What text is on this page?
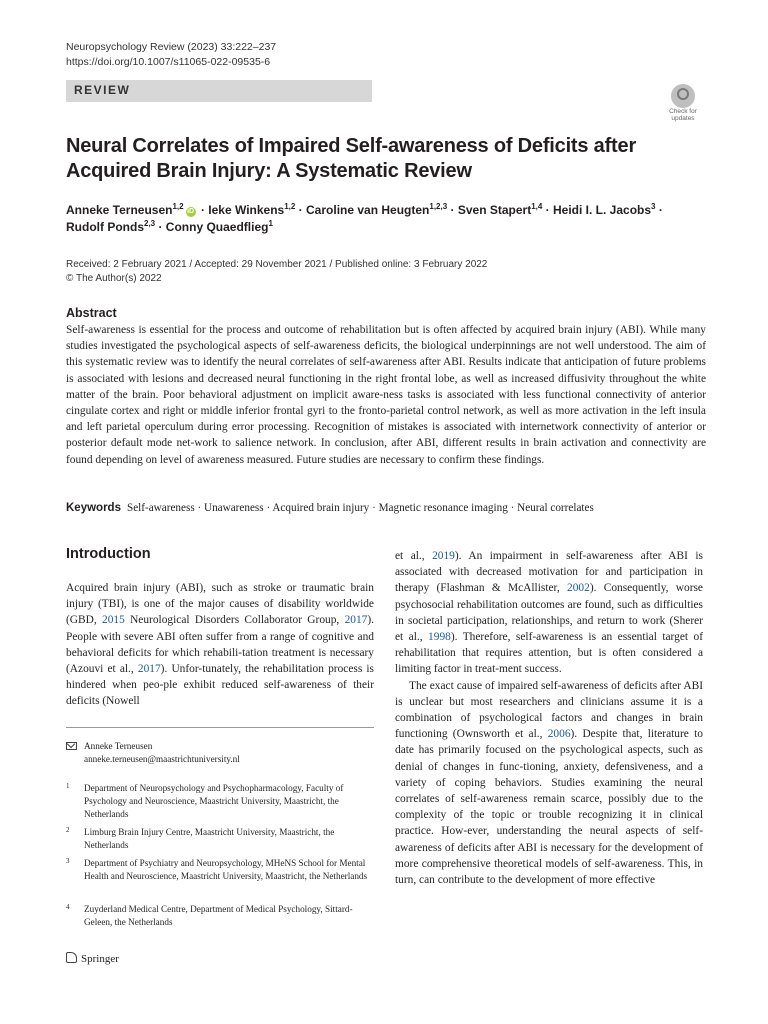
Neuropsychology Review (2023) 33:222–237
https://doi.org/10.1007/s11065-022-09535-6
REVIEW
Check for
updates
Neural Correlates of Impaired Self-awareness of Deficits after Acquired Brain Injury: A Systematic Review
Anneke Terneusen$^{1,2}$iD · Ieke Winkens$^{1,2}$ · Caroline van Heugten$^{1,2,3}$ · Sven Stapert$^{1,4}$ · Heidi I. L. Jacobs$^3$ ·
Rudolf Ponds$^{2,3}$ · Conny Quaedflieg$^1$
Received: 2 February 2021 / Accepted: 29 November 2021 / Published online: 3 February 2022
© The Author(s) 2022
Abstract
Self-awareness is essential for the process and outcome of rehabilitation but is often affected by acquired brain injury (ABI). While many studies investigated the psychological aspects of self-awareness deficits, the biological underpinnings are not well understood. The aim of this systematic review was to identify the neural correlates of self-awareness after ABI. Results indicate that anticipation of future problems is associated with lesions and decreased neural functioning in the right frontal lobe, as well as increased diffusivity throughout the white matter of the brain. Poor behavioral adjustment on implicit aware-ness tasks is associated with less functional connectivity of anterior cingulate cortex and right or middle inferior frontal gyri to the fronto-parietal control network, as well as more activation in the left insula and left parietal operculum during error processing. Recognition of mistakes is associated with internetwork connectivity of anterior or posterior default mode net-work to salience network. In conclusion, after ABI, different results in brain activation and connectivity are found depending on level of awareness measured. Future studies are necessary to confirm these findings.
Keywords Self-awareness · Unawareness · Acquired brain injury · Magnetic resonance imaging · Neural correlates
Introduction

Acquired brain injury (ABI), such as stroke or traumatic brain injury (TBI), is one of the major causes of disability worldwide (GBD, 2015 Neurological Disorders Collaborator Group, 2017). People with severe ABI often suffer from a range of cognitive and behavioral deficits for which rehabili-tation treatment is necessary (Azouvi et al., 2017). Unfor-tunately, the rehabilitation process is hindered when peo-ple exhibit reduced self-awareness of their deficits (Nowell

Anneke Terneusen
anneke.terneusen@maastrichtuniversity.nl
1 Department of Neuropsychology and Psychopharmacology, Faculty of Psychology and Neuroscience, Maastricht University, Maastricht, the Netherlands
2 Limburg Brain Injury Centre, Maastricht University, Maastricht, the Netherlands
3 Department of Psychiatry and Neuropsychology, MHeNS School for Mental Health and Neuroscience, Maastricht University, Maastricht, the Netherlands
4 Zuyderland Medical Centre, Department of Medical Psychology, Sittard-Geleen, the Netherlands

et al., 2019). An impairment in self-awareness after ABI is associated with decreased motivation for and participation in therapy (Flashman & McAllister, 2002). Consequently, worse psychosocial rehabilitation outcomes are found, such as difficulties in societal participation, relationships, and return to work (Sherer et al., 1998). Therefore, self-awareness is an essential target of rehabilitation that requires attention, but is often considered a limiting factor in treat-ment success.

The exact cause of impaired self-awareness of deficits after ABI is unclear but most researchers and clinicians assume it is a combination of psychological factors and changes in brain functioning (Ownsworth et al., 2006). Despite that, literature to date has primarily focused on the psychological aspects, such as denial of changes in func-tioning, anxiety, defensiveness, and a variety of coping behaviors. Studies examining the neural correlates of self-awareness remain scarce, possibly due to the complexity of the topic or trouble recognizing it in clinical practice. How-ever, understanding the neural aspects of self-awareness of deficits after ABI is necessary for the development of more comprehensive theoretical models of self-awareness. This, in turn, can contribute to the development of more effective

Springer
